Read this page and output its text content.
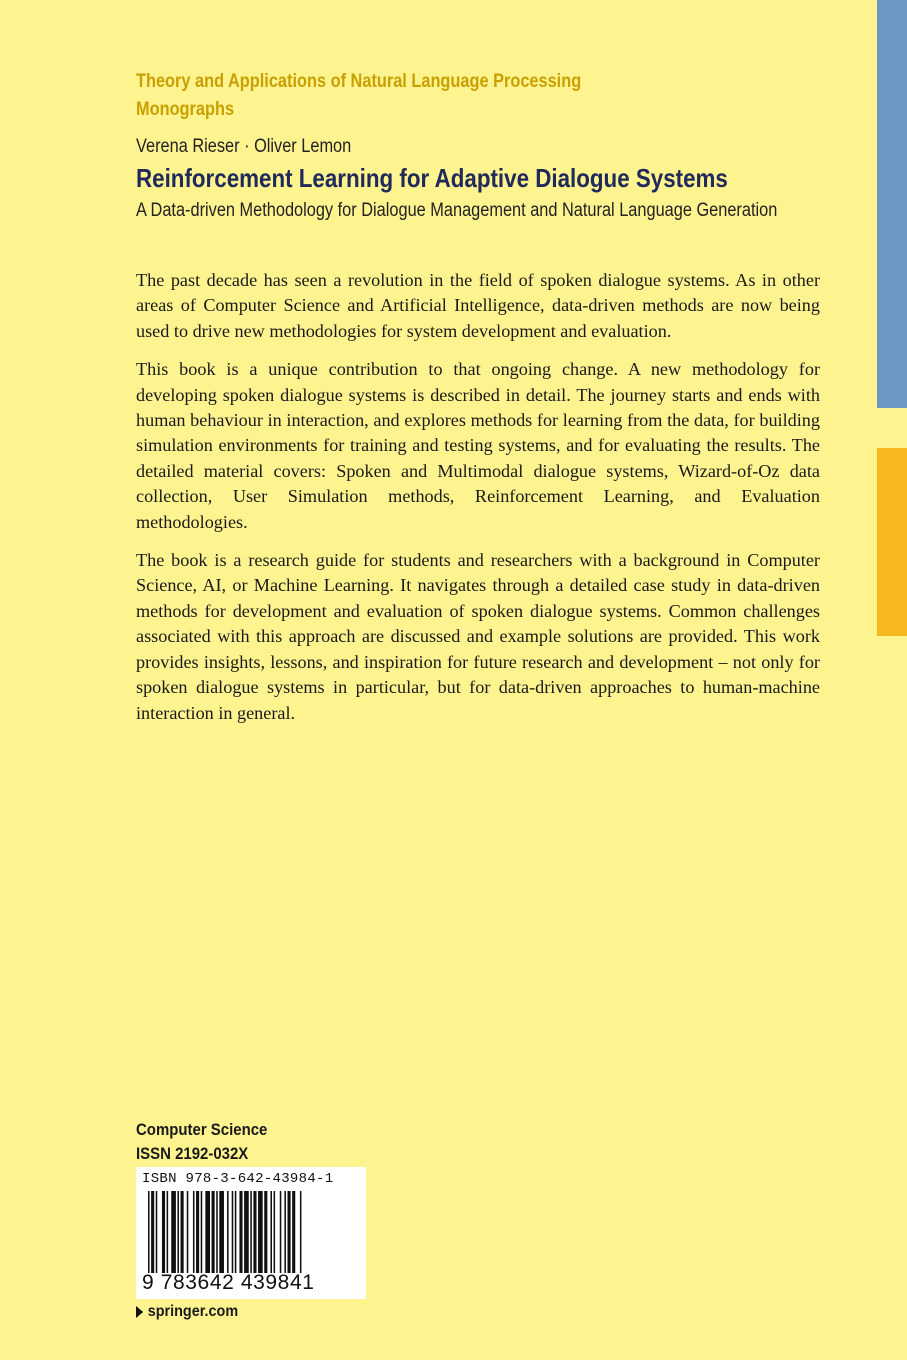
Theory and Applications of Natural Language Processing
Monographs
Verena Rieser · Oliver Lemon
Reinforcement Learning for Adaptive Dialogue Systems
A Data-driven Methodology for Dialogue Management and Natural Language Generation

The past decade has seen a revolution in the field of spoken dialogue systems. As in other areas of Computer Science and Artificial Intelligence, data-driven methods are now being used to drive new methodologies for system development and evaluation.

This book is a unique contribution to that ongoing change. A new methodology for developing spoken dialogue systems is described in detail. The journey starts and ends with human behaviour in interaction, and explores methods for learning from the data, for building simulation environments for training and testing systems, and for evaluating the results. The detailed material covers: Spoken and Multimodal dialogue systems, Wizard-of-Oz data collection, User Simulation methods, Reinforcement Learning, and Evaluation methodologies.

The book is a research guide for students and researchers with a background in Computer Science, AI, or Machine Learning. It navigates through a detailed case study in data-driven methods for development and evaluation of spoken dialogue systems. Common challenges associated with this approach are discussed and example solutions are provided. This work provides insights, lessons, and inspiration for future research and development – not only for spoken dialogue systems in particular, but for data-driven approaches to human-machine interaction in general.

Computer Science
ISSN 2192-032X
ISBN 978-3-642-43984-1
9 783642 439841
springer.com
